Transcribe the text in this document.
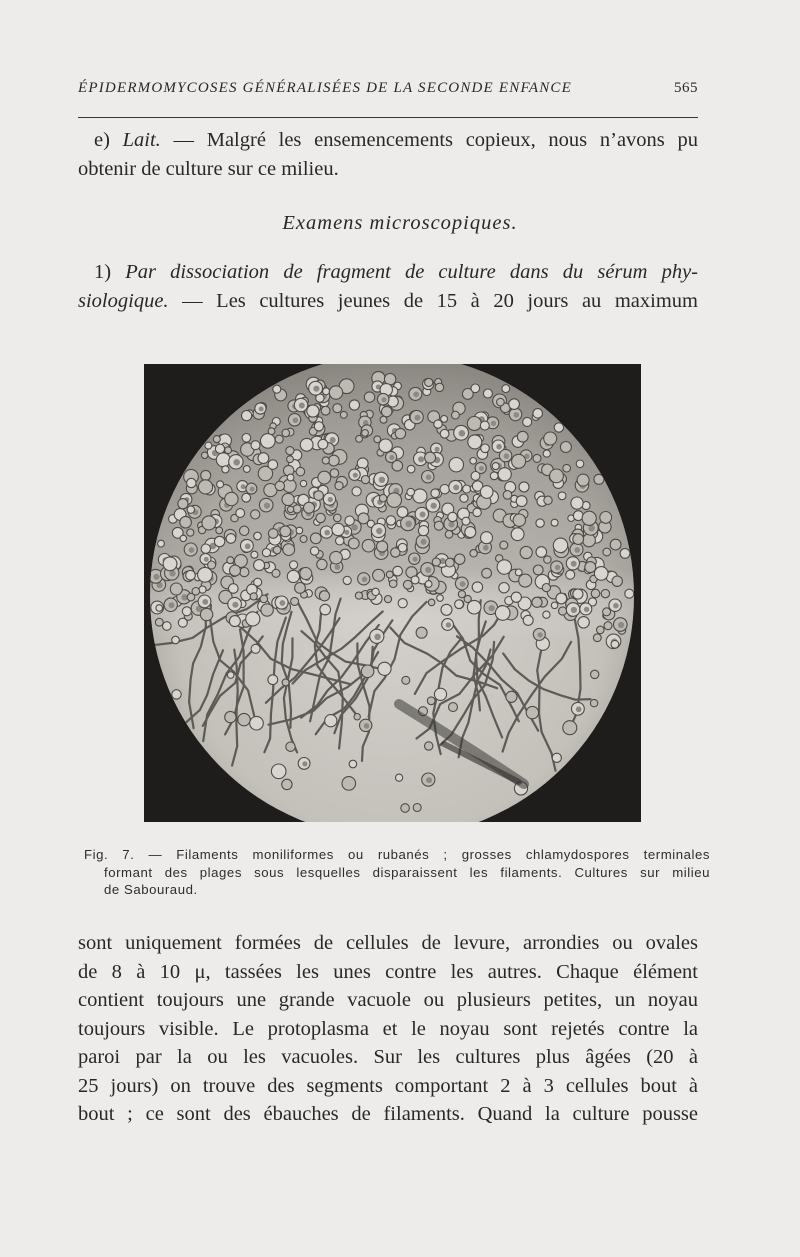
ÉPIDERMOMYCOSES GÉNÉRALISÉES DE LA SECONDE ENFANCE	565
e) Lait. — Malgré les ensemencements copieux, nous n’avons pu
obtenir de culture sur ce milieu.
Examens microscopiques.
1) Par dissociation de fragment de culture dans du sérum phy-
siologique. — Les cultures jeunes de 15 à 20 jours au maximum
Fig. 7. — Filaments moniliformes ou rubanés ; grosses chlamydospores terminales
formant des plages sous lesquelles disparaissent les filaments. Cultures sur milieu
de Sabouraud.
sont uniquement formées de cellules de levure, arrondies ou ovales
de 8 à 10 μ, tassées les unes contre les autres. Chaque élément
contient toujours une grande vacuole ou plusieurs petites, un noyau
toujours visible. Le protoplasma et le noyau sont rejetés contre la
paroi par la ou les vacuoles. Sur les cultures plus âgées (20 à
25 jours) on trouve des segments comportant 2 à 3 cellules bout à
bout ; ce sont des ébauches de filaments. Quand la culture pousse
